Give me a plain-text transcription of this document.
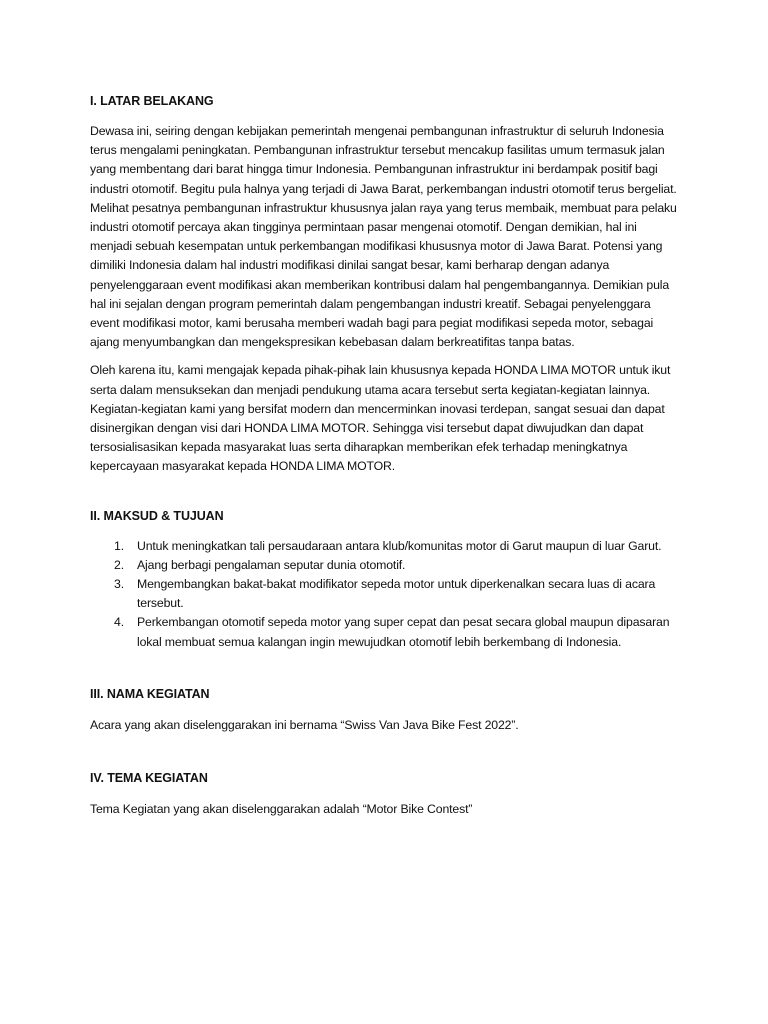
I. LATAR BELAKANG

Dewasa ini, seiring dengan kebijakan pemerintah mengenai pembangunan infrastruktur di seluruh Indonesia terus mengalami peningkatan. Pembangunan infrastruktur tersebut mencakup fasilitas umum termasuk jalan yang membentang dari barat hingga timur Indonesia. Pembangunan infrastruktur ini berdampak positif bagi industri otomotif. Begitu pula halnya yang terjadi di Jawa Barat, perkembangan industri otomotif terus bergeliat. Melihat pesatnya pembangunan infrastruktur khususnya jalan raya yang terus membaik, membuat para pelaku industri otomotif percaya akan tingginya permintaan pasar mengenai otomotif. Dengan demikian, hal ini menjadi sebuah kesempatan untuk perkembangan modifikasi khususnya motor di Jawa Barat. Potensi yang dimiliki Indonesia dalam hal industri modifikasi dinilai sangat besar, kami berharap dengan adanya penyelenggaraan event modifikasi akan memberikan kontribusi dalam hal pengembangannya. Demikian pula hal ini sejalan dengan program pemerintah dalam pengembangan industri kreatif. Sebagai penyelenggara event modifikasi motor, kami berusaha memberi wadah bagi para pegiat modifikasi sepeda motor, sebagai ajang menyumbangkan dan mengekspresikan kebebasan dalam berkreatifitas tanpa batas.

Oleh karena itu, kami mengajak kepada pihak-pihak lain khususnya kepada HONDA LIMA MOTOR untuk ikut serta dalam mensuksekan dan menjadi pendukung utama acara tersebut serta kegiatan-kegiatan lainnya. Kegiatan-kegiatan kami yang bersifat modern dan mencerminkan inovasi terdepan, sangat sesuai dan dapat disinergikan dengan visi dari HONDA LIMA MOTOR. Sehingga visi tersebut dapat diwujudkan dan dapat tersosialisasikan kepada masyarakat luas serta diharapkan memberikan efek terhadap meningkatnya kepercayaan masyarakat kepada HONDA LIMA MOTOR.

II. MAKSUD & TUJUAN
1. Untuk meningkatkan tali persaudaraan antara klub/komunitas motor di Garut maupun di luar Garut.
2. Ajang berbagi pengalaman seputar dunia otomotif.
3. Mengembangkan bakat-bakat modifikator sepeda motor untuk diperkenalkan secara luas di acara tersebut.
4. Perkembangan otomotif sepeda motor yang super cepat dan pesat secara global maupun dipasaran lokal membuat semua kalangan ingin mewujudkan otomotif lebih berkembang di Indonesia.
III. NAMA KEGIATAN

Acara yang akan diselenggarakan ini bernama “Swiss Van Java Bike Fest 2022”.

IV. TEMA KEGIATAN

Tema Kegiatan yang akan diselenggarakan adalah “Motor Bike Contest”
